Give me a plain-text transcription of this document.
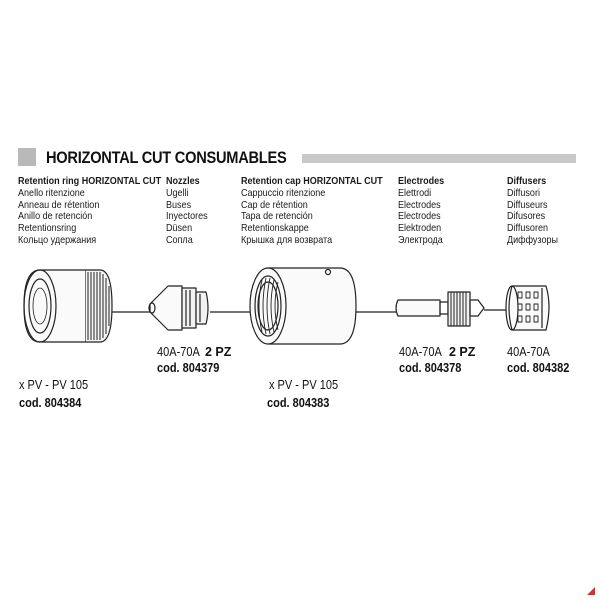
HORIZONTAL CUT CONSUMABLES
Retention ring HORIZONTAL CUT
Anello ritenzione
Anneau de rétention
Anillo de retención
Retentionsring
Кольцо удержания
Nozzles
Ugelli
Buses
Inyectores
Düsen
Сопла
Retention cap HORIZONTAL CUT
Cappuccio ritenzione
Cap de rétention
Tapa de retención
Retentionskappe
Крышка для возврата
Electrodes
Elettrodi
Electrodes
Electrodes
Elektroden
Электрода
Diffusers
Diffusori
Diffuseurs
Difusores
Diffusoren
Диффузоры
40A-70A 2 PZ
cod. 804379
40A-70A 2 PZ
cod. 804378
40A-70A
cod. 804382
x PV - PV 105
cod. 804384
x PV - PV 105
cod. 804383
